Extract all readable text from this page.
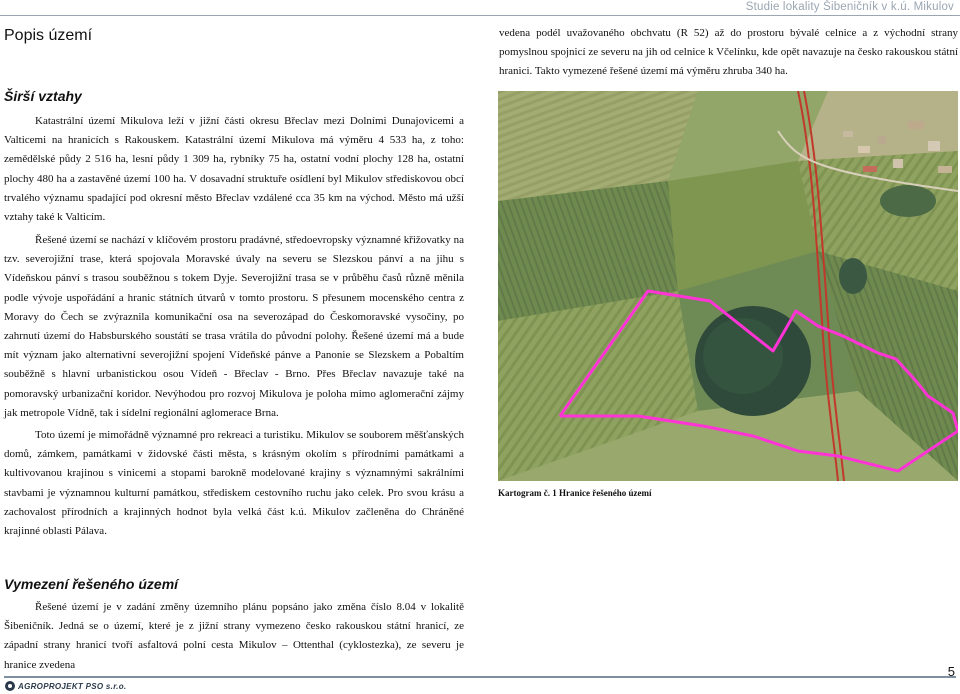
Studie lokality Šibeničník v k.ú. Mikulov
Popis území
Širší vztahy

Katastrální území Mikulova leží v jižní části okresu Břeclav mezi Dolními Dunajovicemi a Valticemi na hranicích s Rakouskem. Katastrální území Mikulova má výměru 4 533 ha, z toho: zemědělské půdy 2 516 ha, lesní půdy 1 309 ha, rybníky 75 ha, ostatní vodní plochy 128 ha, ostatní plochy 480 ha a zastavěné území 100 ha. V dosavadní struktuře osídlení byl Mikulov střediskovou obcí trvalého významu spadající pod okresní město Břeclav vzdálené cca 35 km na východ. Město má užší vztahy také k Valticím.

Řešené území se nachází v klíčovém prostoru pradávné, středoevropsky významné křižovatky na tzv. severojižní trase, která spojovala Moravské úvaly na severu se Slezskou pánví a na jihu s Vídeňskou pánví s trasou souběžnou s tokem Dyje. Severojižní trasa se v průběhu časů různě měnila podle vývoje uspořádání a hranic státních útvarů v tomto prostoru. S přesunem mocenského centra z Moravy do Čech se zvýraznila komunikační osa na severozápad do Českomoravské vysočiny, po zahrnutí území do Habsburského soustátí se trasa vrátila do původní polohy. Řešené území má a bude mít význam jako alternativní severojižní spojení Vídeňské pánve a Panonie se Slezskem a Pobaltím souběžně s hlavní urbanistickou osou Vídeň - Břeclav - Brno. Přes Břeclav navazuje také na pomoravský urbanizační koridor. Nevýhodou pro rozvoj Mikulova je poloha mimo aglomerační zájmy jak metropole Vídně, tak i sídelní regionální aglomerace Brna.

Toto území je mimořádně významné pro rekreaci a turistiku. Mikulov se souborem měšťanských domů, zámkem, památkami v židovské části města, s krásným okolím s přírodními památkami a kultivovanou krajinou s vinicemi a stopami barokně modelované krajiny s významnými sakrálními stavbami je významnou kulturní památkou, střediskem cestovního ruchu jako celek. Pro svou krásu a zachovalost přírodních a krajinných hodnot byla velká část k.ú. Mikulov začleněna do Chráněné krajinné oblasti Pálava.

vedena podél uvažovaného obchvatu (R 52) až do prostoru bývalé celnice a z východní strany pomyslnou spojnicí ze severu na jih od celnice k Včelínku, kde opět navazuje na česko rakouskou státní hranici. Takto vymezené řešené území má výměru zhruba 340 ha.

Kartogram č. 1 Hranice řešeného území
Vymezení řešeného území

Řešené území je v zadání změny územního plánu popsáno jako změna číslo 8.04 v lokalitě Šibeničník. Jedná se o území, které je z jižní strany vymezeno česko rakouskou státní hranicí, ze západní strany hranicí tvoří asfaltová polní cesta Mikulov – Ottenthal (cyklostezka), ze severu je hranice zvedena

AGROPROJEKT PSO s.r.o.
5
